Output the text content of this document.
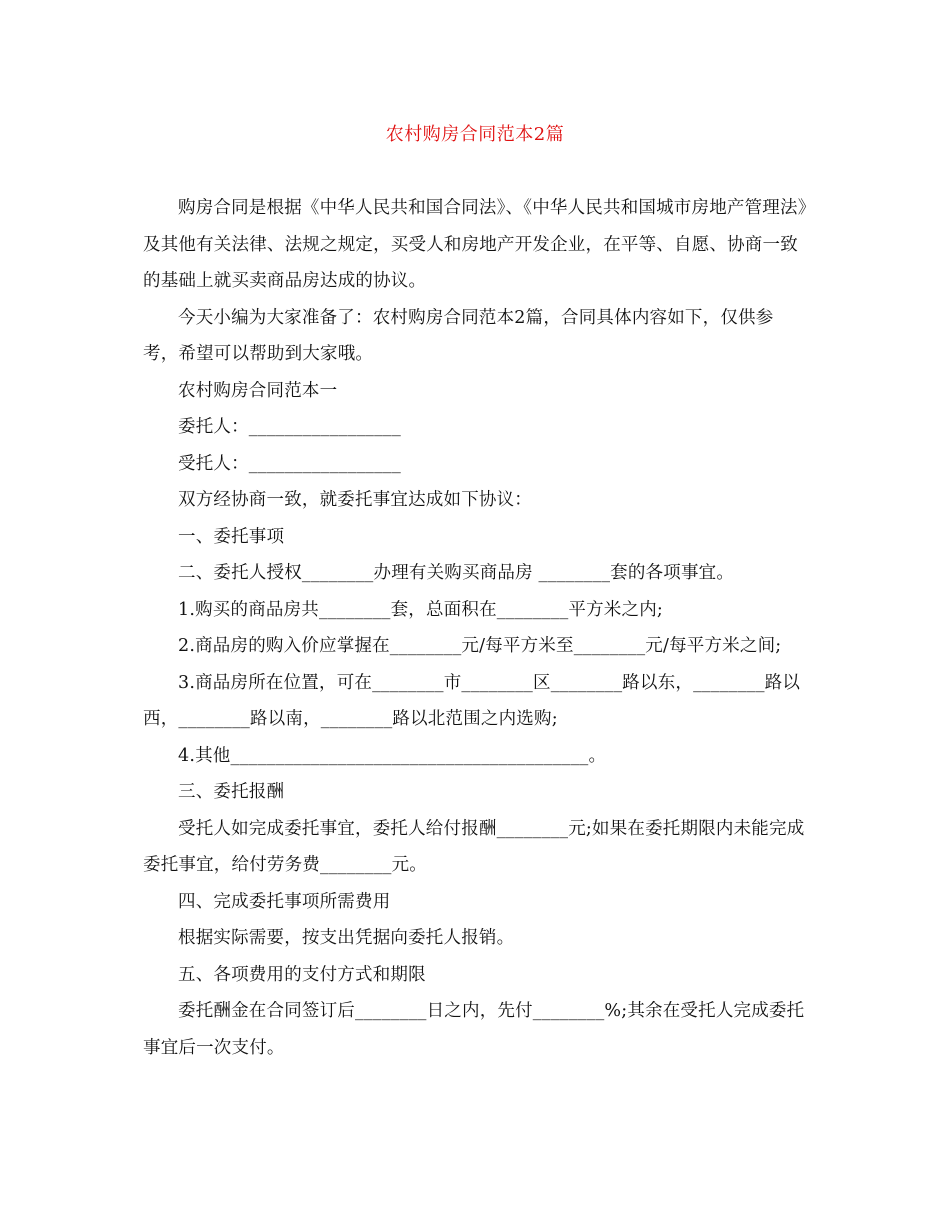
农村购房合同范本2篇

购房合同是根据《中华人民共和国合同法》、《中华人民共和国城市房地产管理法》及其他有关法律、法规之规定，买受人和房地产开发企业，在平等、自愿、协商一致的基础上就买卖商品房达成的协议。

今天小编为大家准备了：农村购房合同范本2篇，合同具体内容如下，仅供参考，希望可以帮助到大家哦。

农村购房合同范本一

委托人：_________________

受托人：_________________

双方经协商一致，就委托事宜达成如下协议：

一、委托事项

二、委托人授权________办理有关购买商品房 ________套的各项事宜。

1.购买的商品房共________套，总面积在________平方米之内;

2.商品房的购入价应掌握在________元/每平方米至________元/每平方米之间;

3.商品房所在位置，可在________市________区________路以东，________路以西，________路以南，________路以北范围之内选购;

4.其他________________________________________。

三、委托报酬

受托人如完成委托事宜，委托人给付报酬________元;如果在委托期限内未能完成委托事宜，给付劳务费________元。

四、完成委托事项所需费用

根据实际需要，按支出凭据向委托人报销。

五、各项费用的支付方式和期限

委托酬金在合同签订后________日之内，先付________%;其余在受托人完成委托事宜后一次支付。
